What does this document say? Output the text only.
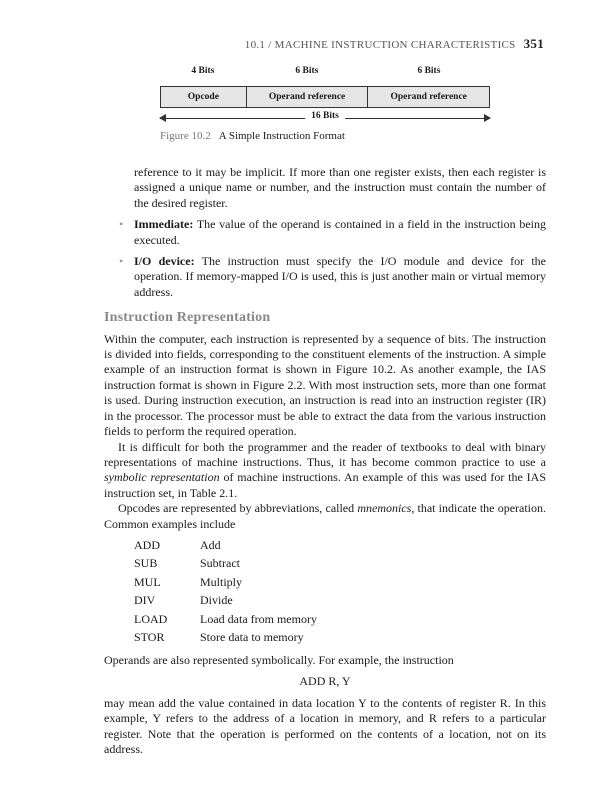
10.1 / MACHINE INSTRUCTION CHARACTERISTICS 351
4 Bits	6 Bits	6 Bits
Opcode	Operand reference	Operand reference
16 Bits
Figure 10.2 A Simple Instruction Format

reference to it may be implicit. If more than one register exists, then each register is assigned a unique name or number, and the instruction must contain the number of the desired register.

• Immediate: The value of the operand is contained in a field in the instruction being executed.

• I/O device: The instruction must specify the I/O module and device for the operation. If memory-mapped I/O is used, this is just another main or virtual memory address.

Instruction Representation

Within the computer, each instruction is represented by a sequence of bits. The instruction is divided into fields, corresponding to the constituent elements of the instruction. A simple example of an instruction format is shown in Figure 10.2. As another example, the IAS instruction format is shown in Figure 2.2. With most instruction sets, more than one format is used. During instruction execution, an instruction is read into an instruction register (IR) in the processor. The processor must be able to extract the data from the various instruction fields to perform the required operation.

It is difficult for both the programmer and the reader of textbooks to deal with binary representations of machine instructions. Thus, it has become common practice to use a symbolic representation of machine instructions. An example of this was used for the IAS instruction set, in Table 2.1.

Opcodes are represented by abbreviations, called mnemonics, that indicate the operation. Common examples include

ADD	Add
SUB	Subtract
MUL	Multiply
DIV	Divide
LOAD	Load data from memory
STOR	Store data to memory

Operands are also represented symbolically. For example, the instruction

ADD R, Y

may mean add the value contained in data location Y to the contents of register R. In this example, Y refers to the address of a location in memory, and R refers to a particular register. Note that the operation is performed on the contents of a location, not on its address.
